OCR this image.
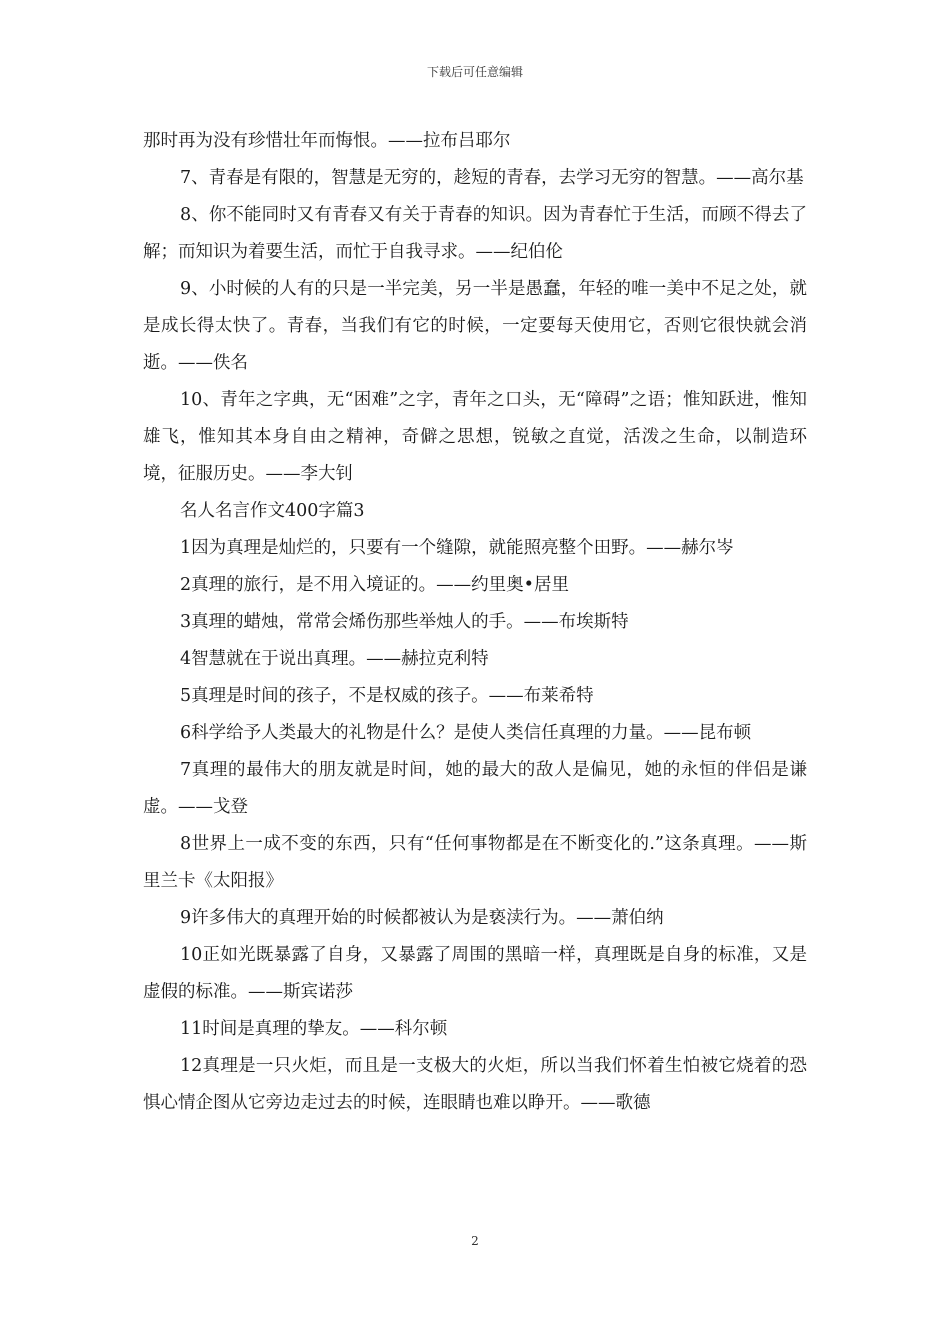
下载后可任意编辑

那时再为没有珍惜壮年而悔恨。——拉布吕耶尔

7、青春是有限的，智慧是无穷的，趁短的青春，去学习无穷的智慧。——高尔基

8、你不能同时又有青春又有关于青春的知识。因为青春忙于生活，而顾不得去了解；而知识为着要生活，而忙于自我寻求。——纪伯伦

9、小时候的人有的只是一半完美，另一半是愚蠢，年轻的唯一美中不足之处，就是成长得太快了。青春，当我们有它的时候，一定要每天使用它，否则它很快就会消逝。——佚名

10、青年之字典，无“困难”之字，青年之口头，无“障碍”之语；惟知跃进，惟知雄飞，惟知其本身自由之精神，奇僻之思想，锐敏之直觉，活泼之生命，以制造环境，征服历史。——李大钊

名人名言作文400字篇3

1因为真理是灿烂的，只要有一个缝隙，就能照亮整个田野。——赫尔岑

2真理的旅行，是不用入境证的。——约里奥•居里

3真理的蜡烛，常常会烯伤那些举烛人的手。——布埃斯特

4智慧就在于说出真理。——赫拉克利特

5真理是时间的孩子，不是权威的孩子。——布莱希特

6科学给予人类最大的礼物是什么？是使人类信任真理的力量。——昆布顿

7真理的最伟大的朋友就是时间，她的最大的敌人是偏见，她的永恒的伴侣是谦虚。——戈登

8世界上一成不变的东西，只有“任何事物都是在不断变化的.”这条真理。——斯里兰卡《太阳报》

9许多伟大的真理开始的时候都被认为是亵渎行为。——萧伯纳

10正如光既暴露了自身，又暴露了周围的黑暗一样，真理既是自身的标准，又是虚假的标准。——斯宾诺莎

11时间是真理的挚友。——科尔顿

12真理是一只火炬，而且是一支极大的火炬，所以当我们怀着生怕被它烧着的恐惧心情企图从它旁边走过去的时候，连眼睛也难以睁开。——歌德

2
